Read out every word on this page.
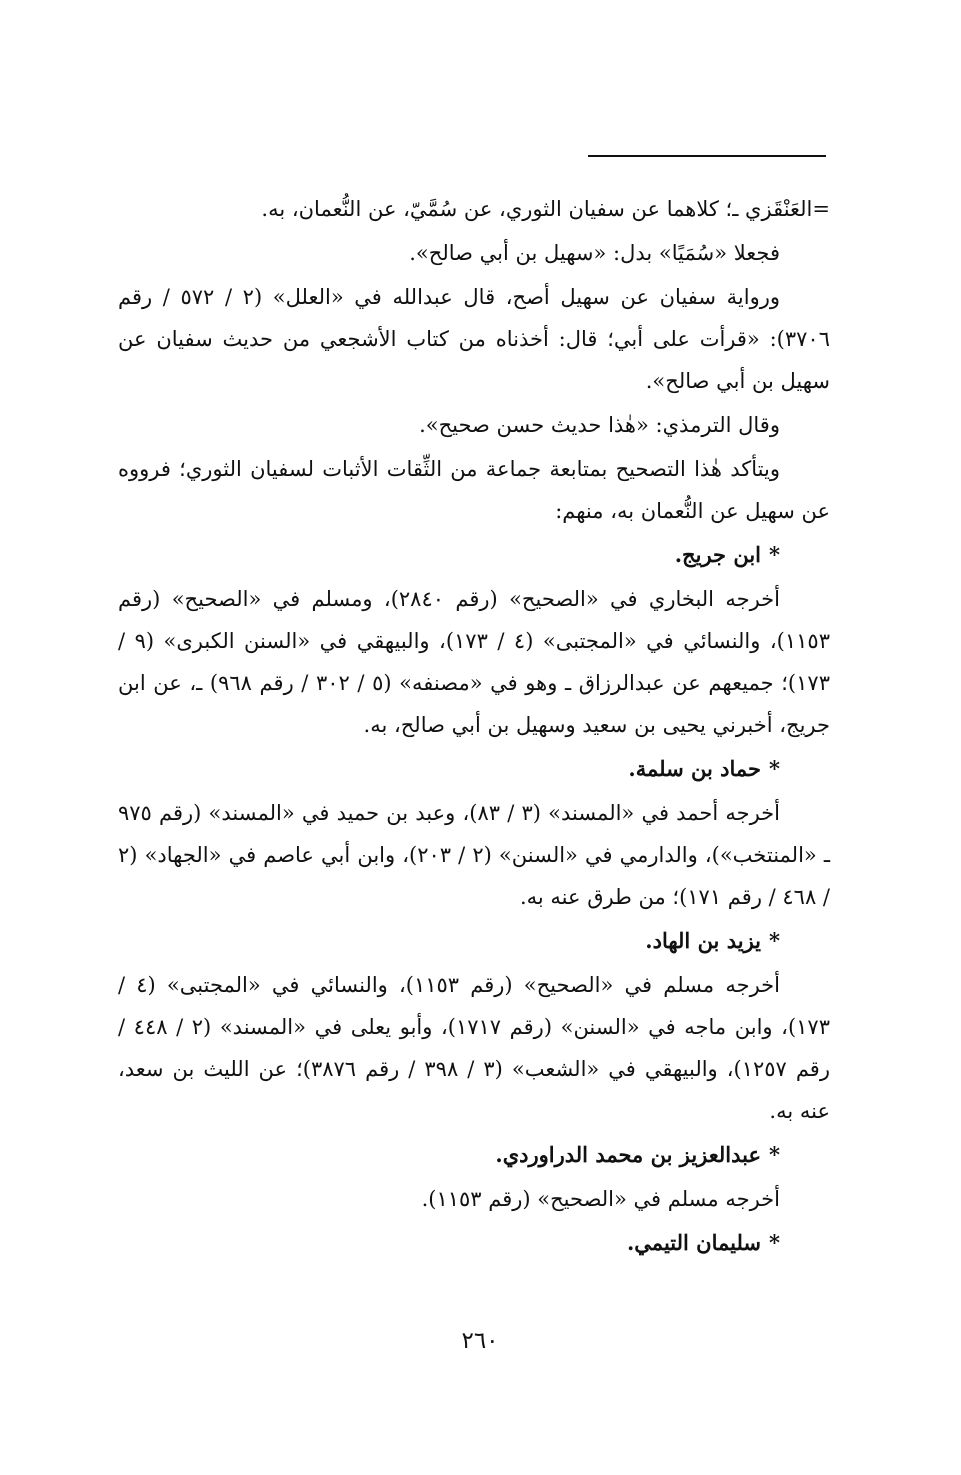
=العَنْقَزي ـ؛ كلاهما عن سفيان الثوري، عن سُمَّيّ، عن النُّعمان، به.

فجعلا «سُمَيًا» بدل: «سهيل بن أبي صالح».

ورواية سفيان عن سهيل أصح، قال عبدالله في «العلل» (٢ / ٥٧٢ / رقم ٣٧٠٦): «قرأت على أبي؛ قال: أخذناه من كتاب الأشجعي من حديث سفيان عن سهيل بن أبي صالح».

وقال الترمذي: «هٰذا حديث حسن صحيح».

ويتأكد هٰذا التصحيح بمتابعة جماعة من الثِّقات الأثبات لسفيان الثوري؛ فرووه عن سهيل عن النُّعمان به، منهم:

*ابن جريج.

أخرجه البخاري في «الصحيح» (رقم ٢٨٤٠)، ومسلم في «الصحيح» (رقم ١١٥٣)، والنسائي في «المجتبى» (٤ / ١٧٣)، والبيهقي في «السنن الكبرى» (٩ / ١٧٣)؛ جميعهم عن عبدالرزاق ـ وهو في «مصنفه» (٥ / ٣٠٢ / رقم ٩٦٨) ـ، عن ابن جريج، أخبرني يحيى بن سعيد وسهيل بن أبي صالح، به.

*حماد بن سلمة.

أخرجه أحمد في «المسند» (٣ / ٨٣)، وعبد بن حميد في «المسند» (رقم ٩٧٥ ـ «المنتخب»)، والدارمي في «السنن» (٢ / ٢٠٣)، وابن أبي عاصم في «الجهاد» (٢ / ٤٦٨ / رقم ١٧١)؛ من طرق عنه به.

*يزيد بن الهاد.

أخرجه مسلم في «الصحيح» (رقم ١١٥٣)، والنسائي في «المجتبى» (٤ / ١٧٣)، وابن ماجه في «السنن» (رقم ١٧١٧)، وأبو يعلى في «المسند» (٢ / ٤٤٨ / رقم ١٢٥٧)، والبيهقي في «الشعب» (٣ / ٣٩٨ / رقم ٣٨٧٦)؛ عن الليث بن سعد، عنه به.

*عبدالعزيز بن محمد الدراوردي.

أخرجه مسلم في «الصحيح» (رقم ١١٥٣).

*سليمان التيمي.

٢٦٠
